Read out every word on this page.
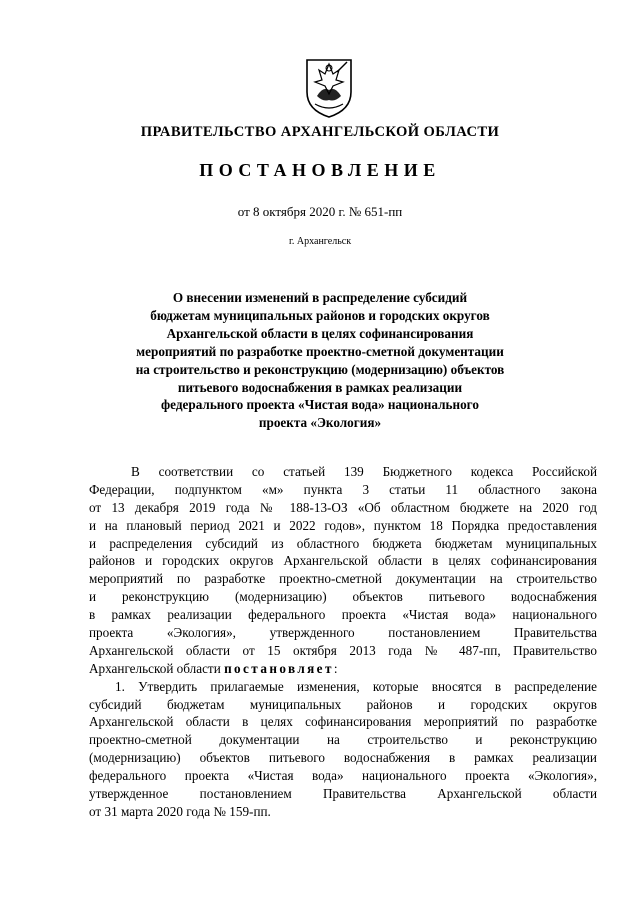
ПРАВИТЕЛЬСТВО АРХАНГЕЛЬСКОЙ ОБЛАСТИ
ПОСТАНОВЛЕНИЕ
от 8 октября 2020 г. № 651-пп
г. Архангельск
О внесении изменений в распределение субсидий
бюджетам муниципальных районов и городских округов
Архангельской области в целях софинансирования
мероприятий по разработке проектно-сметной документации
на строительство и реконструкцию (модернизацию) объектов
питьевого водоснабжения в рамках реализации
федерального проекта «Чистая вода» национального
проекта «Экология»
В соответствии со статьей 139 Бюджетного кодекса Российской
Федерации, подпунктом «м» пункта 3 статьи 11 областного закона
от 13 декабря 2019 года № 188-13-ОЗ «Об областном бюджете на 2020 год
и на плановый период 2021 и 2022 годов», пунктом 18 Порядка предоставления
и распределения субсидий из областного бюджета бюджетам муниципальных
районов и городских округов Архангельской области в целях софинансирования
мероприятий по разработке проектно-сметной документации на строительство
и реконструкцию (модернизацию) объектов питьевого водоснабжения
в рамках реализации федерального проекта «Чистая вода» национального
проекта «Экология», утвержденного постановлением Правительства
Архангельской области от 15 октября 2013 года № 487-пп, Правительство
Архангельской области постановляет:
1. Утвердить прилагаемые изменения, которые вносятся в распределение
субсидий бюджетам муниципальных районов и городских округов
Архангельской области в целях софинансирования мероприятий по разработке
проектно-сметной документации на строительство и реконструкцию
(модернизацию) объектов питьевого водоснабжения в рамках реализации
федерального проекта «Чистая вода» национального проекта «Экология»,
утвержденное постановлением Правительства Архангельской области
от 31 марта 2020 года № 159-пп.
